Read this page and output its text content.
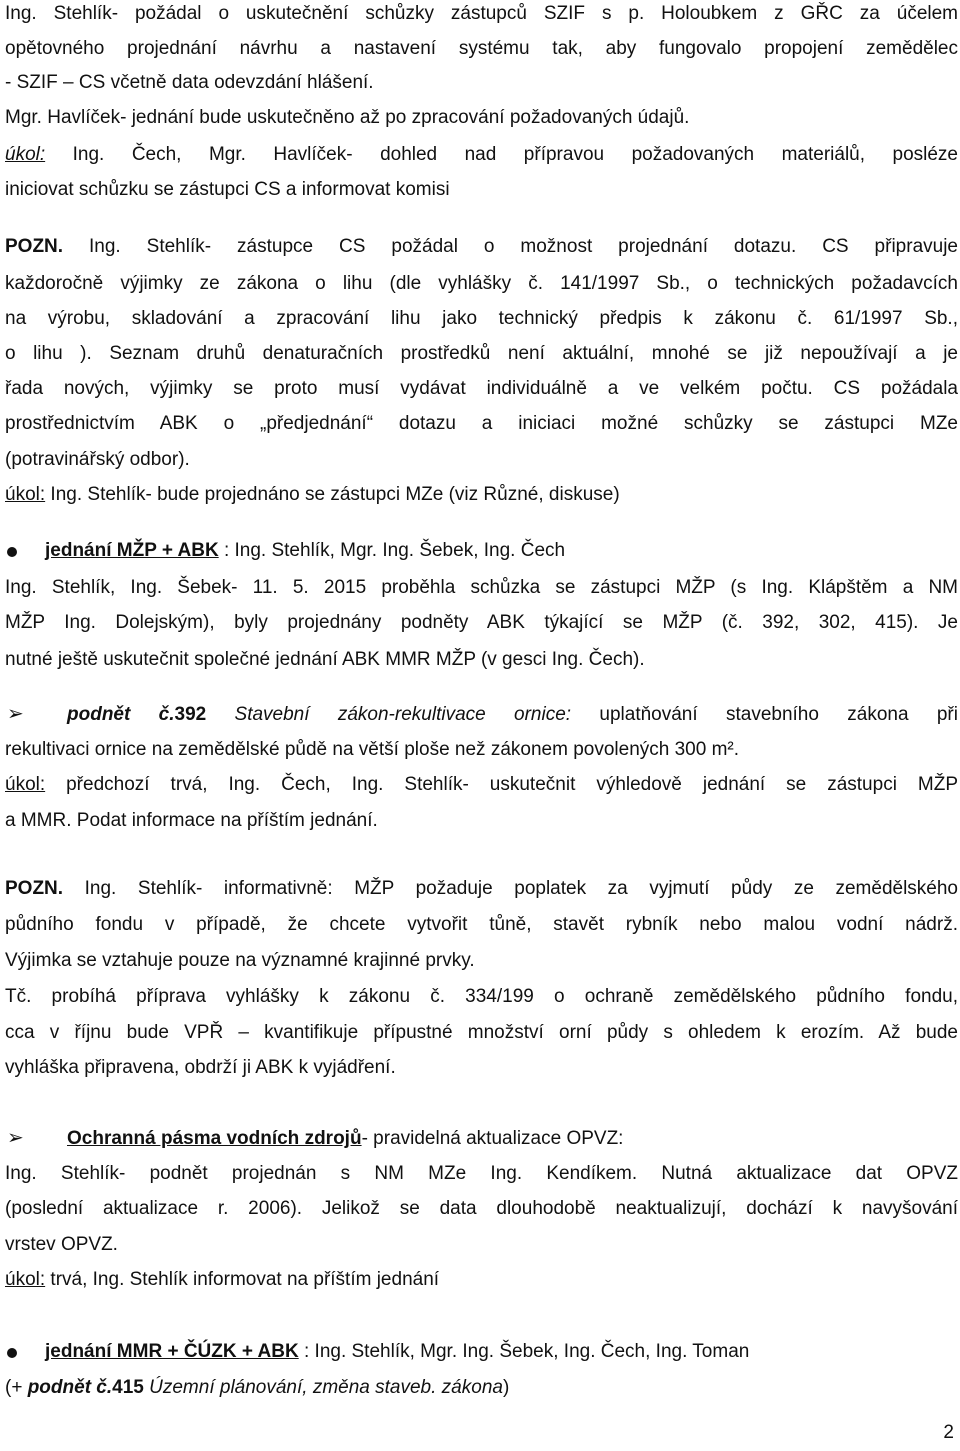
Ing. Stehlík- požádal o uskutečnění schůzky zástupců SZIF s p. Holoubkem z GŘC za účelem
opětovného projednání návrhu a nastavení systému tak, aby fungovalo propojení zemědělec
- SZIF – CS včetně data odevzdání hlášení.
Mgr. Havlíček- jednání bude uskutečněno až po zpracování požadovaných údajů.
úkol: Ing. Čech, Mgr. Havlíček- dohled nad přípravou požadovaných materiálů, posléze
iniciovat schůzku se zástupci CS a informovat komisi
POZN. Ing. Stehlík- zástupce CS požádal o možnost projednání dotazu. CS připravuje
každoročně výjimky ze zákona o lihu (dle vyhlášky č. 141/1997 Sb., o technických požadavcích
na výrobu, skladování a zpracování lihu jako technický předpis k zákonu č. 61/1997 Sb.,
o lihu ). Seznam druhů denaturačních prostředků není aktuální, mnohé se již nepoužívají a je
řada nových, výjimky se proto musí vydávat individuálně a ve velkém počtu. CS požádala
prostřednictvím ABK o „předjednání“ dotazu a iniciaci možné schůzky se zástupci MZe
(potravinářský odbor).
úkol: Ing. Stehlík- bude projednáno se zástupci MZe (viz Různé, diskuse)
jednání MŽP + ABK : Ing. Stehlík, Mgr. Ing. Šebek, Ing. Čech
Ing. Stehlík, Ing. Šebek- 11. 5. 2015 proběhla schůzka se zástupci MŽP (s Ing. Klápštěm a NM
MŽP Ing. Dolejským), byly projednány podněty ABK týkající se MŽP (č. 392, 302, 415). Je
nutné ještě uskutečnit společné jednání ABK MMR MŽP (v gesci Ing. Čech).
➢ podnět č.392 Stavební zákon-rekultivace ornice: uplatňování stavebního zákona při
rekultivaci ornice na zemědělské půdě na větší ploše než zákonem povolených 300 m².
úkol: předchozí trvá, Ing. Čech, Ing. Stehlík- uskutečnit výhledově jednání se zástupci MŽP
a MMR. Podat informace na příštím jednání.
POZN. Ing. Stehlík- informativně: MŽP požaduje poplatek za vyjmutí půdy ze zemědělského
půdního fondu v případě, že chcete vytvořit tůně, stavět rybník nebo malou vodní nádrž.
Výjimka se vztahuje pouze na významné krajinné prvky.
Tč. probíhá příprava vyhlášky k zákonu č. 334/199 o ochraně zemědělského půdního fondu,
cca v říjnu bude VPŘ – kvantifikuje přípustné množství orní půdy s ohledem k erozím. Až bude
vyhláška připravena, obdrží ji ABK k vyjádření.
➢ Ochranná pásma vodních zdrojů- pravidelná aktualizace OPVZ:
Ing. Stehlík- podnět projednán s NM MZe Ing. Kendíkem. Nutná aktualizace dat OPVZ
(poslední aktualizace r. 2006). Jelikož se data dlouhodobě neaktualizují, dochází k navyšování
vrstev OPVZ.
úkol: trvá, Ing. Stehlík informovat na příštím jednání
jednání MMR + ČÚZK + ABK : Ing. Stehlík, Mgr. Ing. Šebek, Ing. Čech, Ing. Toman
(+ podnět č.415 Územní plánování, změna staveb. zákona)
2
